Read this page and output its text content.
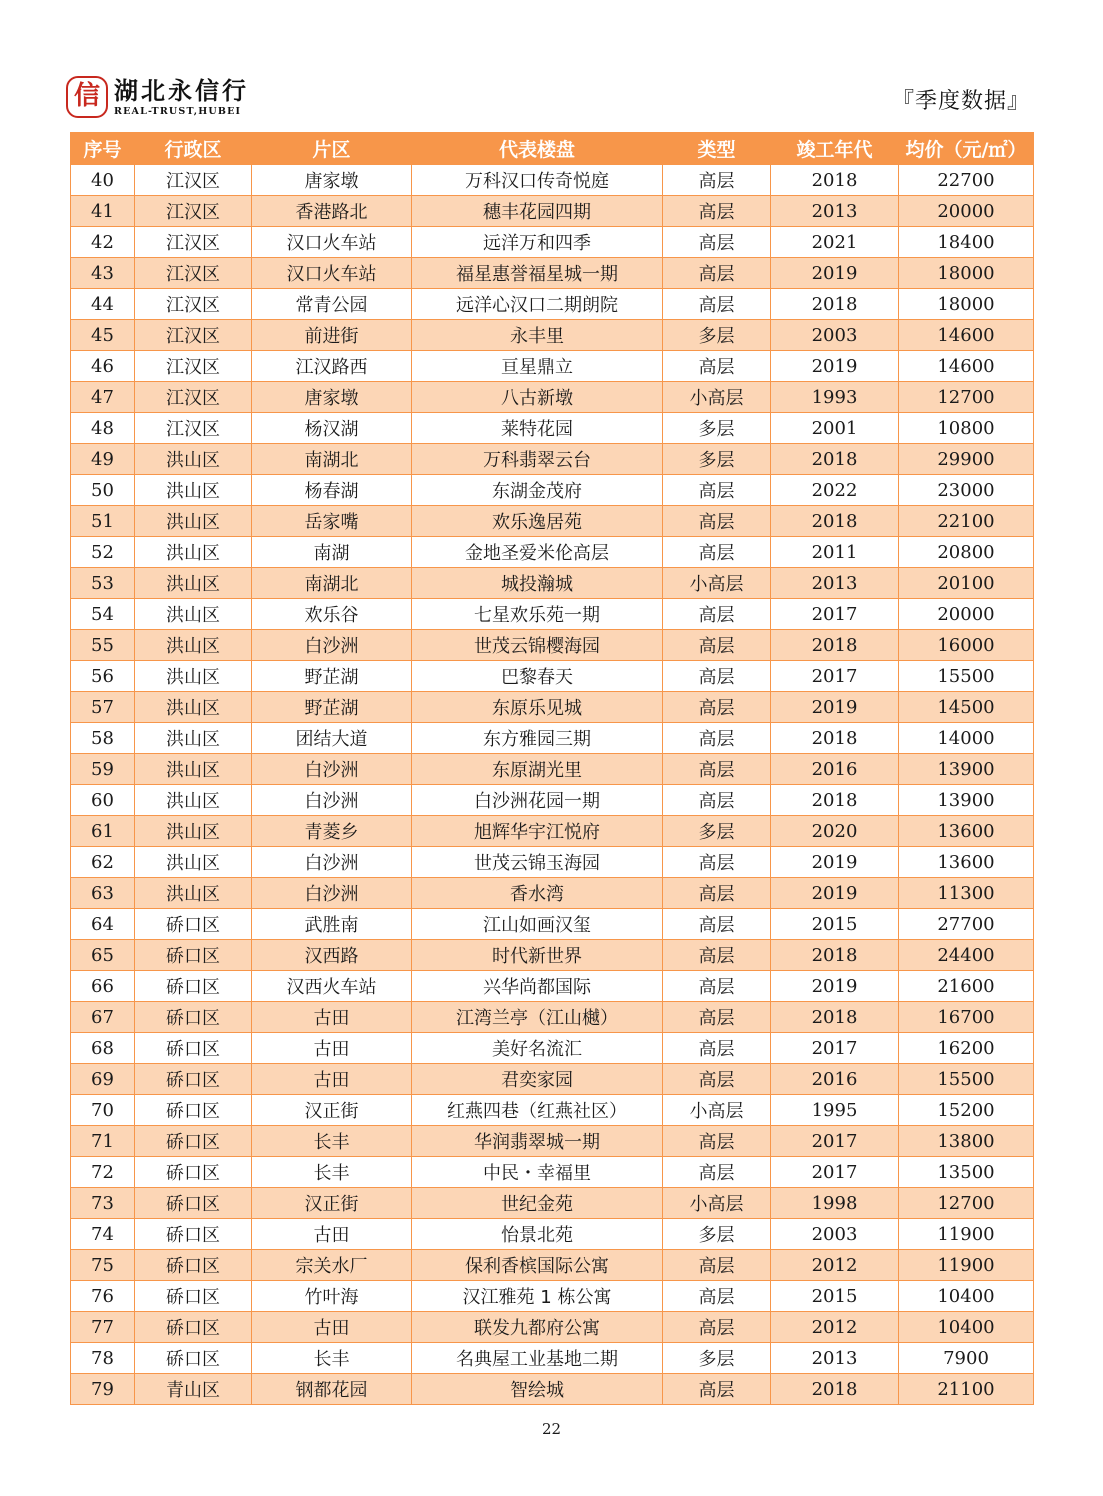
信 湖北永信行
REAL-TRUST,HUBEI	『季度数据』
序号	行政区	片区	代表楼盘	类型	竣工年代	均价（元/㎡）
40	江汉区	唐家墩	万科汉口传奇悦庭	高层	2018	22700
41	江汉区	香港路北	穗丰花园四期	高层	2013	20000
42	江汉区	汉口火车站	远洋万和四季	高层	2021	18400
43	江汉区	汉口火车站	福星惠誉福星城一期	高层	2019	18000
44	江汉区	常青公园	远洋心汉口二期朗院	高层	2018	18000
45	江汉区	前进街	永丰里	多层	2003	14600
46	江汉区	江汉路西	亘星鼎立	高层	2019	14600
47	江汉区	唐家墩	八古新墩	小高层	1993	12700
48	江汉区	杨汉湖	莱特花园	多层	2001	10800
49	洪山区	南湖北	万科翡翠云台	多层	2018	29900
50	洪山区	杨春湖	东湖金茂府	高层	2022	23000
51	洪山区	岳家嘴	欢乐逸居苑	高层	2018	22100
52	洪山区	南湖	金地圣爱米伦高层	高层	2011	20800
53	洪山区	南湖北	城投瀚城	小高层	2013	20100
54	洪山区	欢乐谷	七星欢乐苑一期	高层	2017	20000
55	洪山区	白沙洲	世茂云锦樱海园	高层	2018	16000
56	洪山区	野芷湖	巴黎春天	高层	2017	15500
57	洪山区	野芷湖	东原乐见城	高层	2019	14500
58	洪山区	团结大道	东方雅园三期	高层	2018	14000
59	洪山区	白沙洲	东原湖光里	高层	2016	13900
60	洪山区	白沙洲	白沙洲花园一期	高层	2018	13900
61	洪山区	青菱乡	旭辉华宇江悦府	多层	2020	13600
62	洪山区	白沙洲	世茂云锦玉海园	高层	2019	13600
63	洪山区	白沙洲	香水湾	高层	2019	11300
64	硚口区	武胜南	江山如画汉玺	高层	2015	27700
65	硚口区	汉西路	时代新世界	高层	2018	24400
66	硚口区	汉西火车站	兴华尚都国际	高层	2019	21600
67	硚口区	古田	江湾兰亭（江山樾）	高层	2018	16700
68	硚口区	古田	美好名流汇	高层	2017	16200
69	硚口区	古田	君奕家园	高层	2016	15500
70	硚口区	汉正街	红燕四巷（红燕社区）	小高层	1995	15200
71	硚口区	长丰	华润翡翠城一期	高层	2017	13800
72	硚口区	长丰	中民・幸福里	高层	2017	13500
73	硚口区	汉正街	世纪金苑	小高层	1998	12700
74	硚口区	古田	怡景北苑	多层	2003	11900
75	硚口区	宗关水厂	保利香槟国际公寓	高层	2012	11900
76	硚口区	竹叶海	汉江雅苑 1 栋公寓	高层	2015	10400
77	硚口区	古田	联发九都府公寓	高层	2012	10400
78	硚口区	长丰	名典屋工业基地二期	多层	2013	7900
79	青山区	钢都花园	智绘城	高层	2018	21100
22
